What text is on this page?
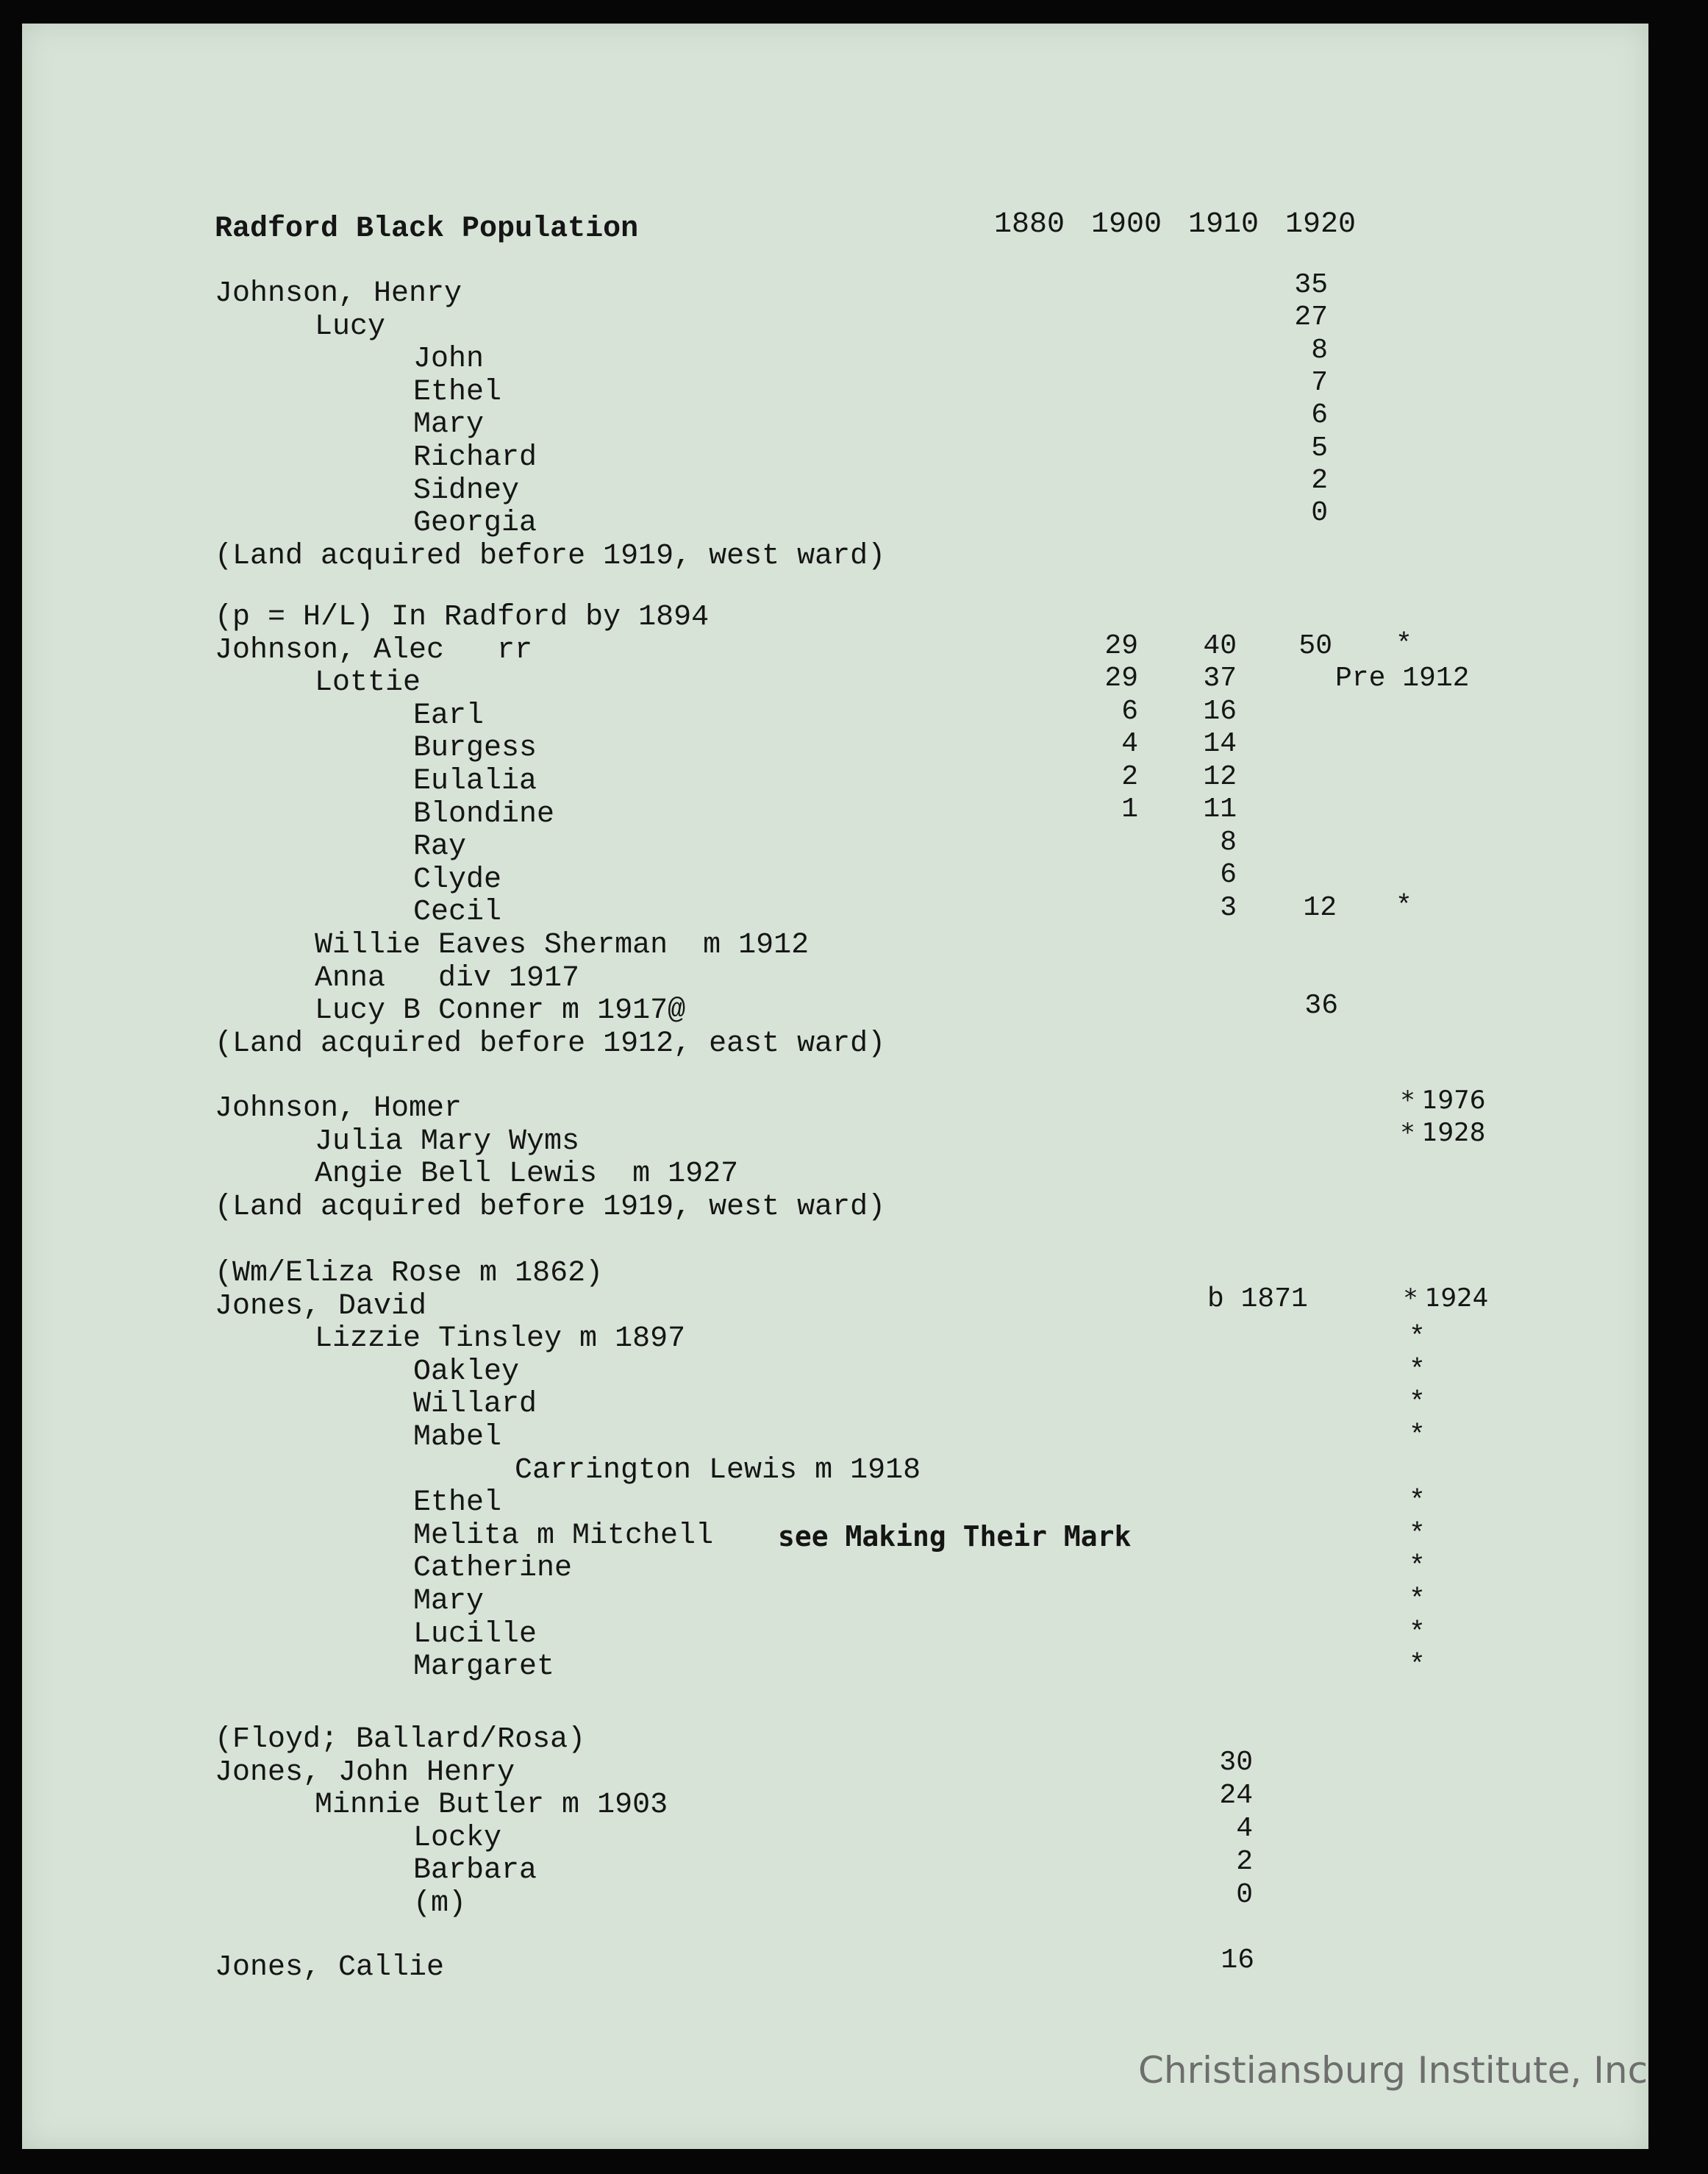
Radford Black Population	1880 1900 1910 1920
Johnson, Henry
Lucy
John
Ethel
Mary
Richard
Sidney
Georgia
(Land acquired before 1919, west ward)
(p = H/L) In Radford by 1894
Johnson, Alec   rr
Lottie
Earl
Burgess
Eulalia
Blondine
Ray
Clyde
Cecil
Willie Eaves Sherman  m 1912
Anna   div 1917
Lucy B Conner m 1917@
(Land acquired before 1912, east ward)
Johnson, Homer
Julia Mary Wyms
Angie Bell Lewis  m 1927
(Land acquired before 1919, west ward)
(Wm/Eliza Rose m 1862)
Jones, David
Lizzie Tinsley m 1897
Oakley
Willard
Mabel
Carrington Lewis m 1918
Ethel
Melita m Mitchell
Catherine
Mary
Lucille
Margaret
(Floyd; Ballard/Rosa)
Jones, John Henry
Minnie Butler m 1903
Locky
Barbara
(m)
Jones, Callie
35
27
8
7
6
5
2
0
29
29
6
4
2
1
40
37
16
14
12
11
8
6
3
50 *
Pre 1912
12 *
36
* 1976
* 1928
b 1871	* 1924
see Making Their Mark
*
*
*
*
*
*
*
*
*
*
30
24
4
2
0
16
Christiansburg Institute, Inc
